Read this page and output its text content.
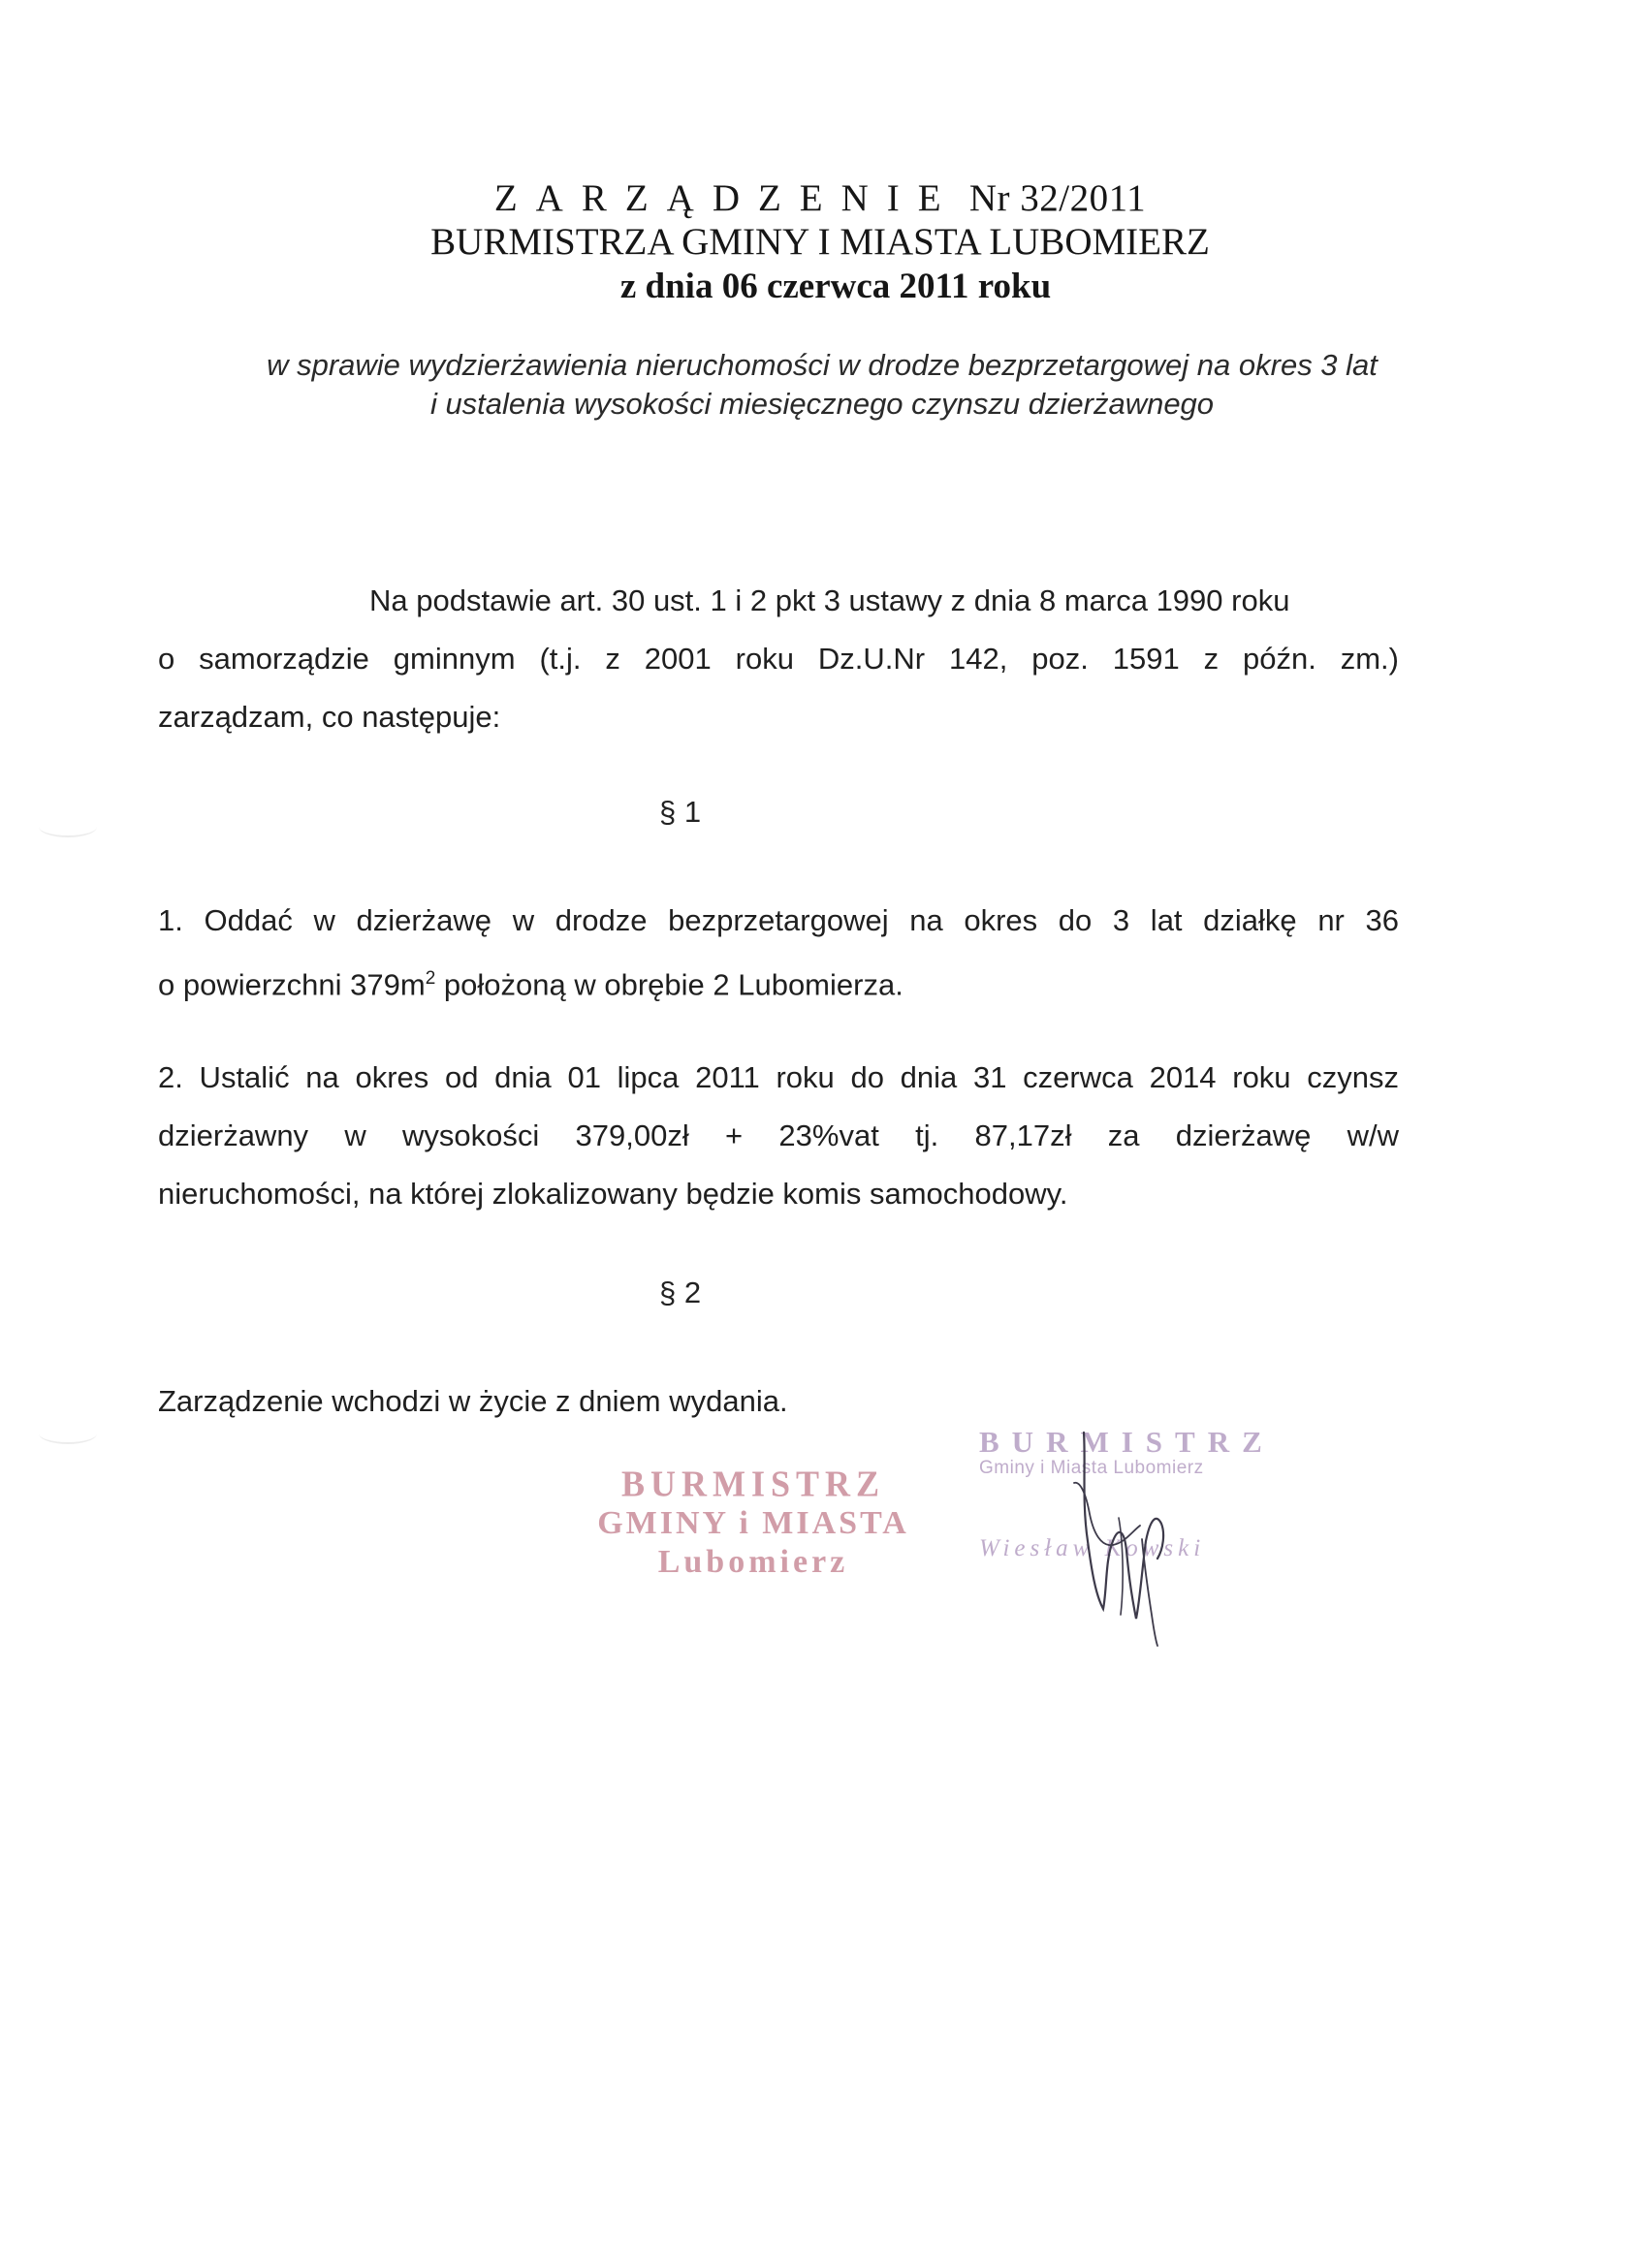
ZARZĄDZENIE Nr 32/2011
BURMISTRZA GMINY I MIASTA LUBOMIERZ
z dnia 06 czerwca 2011 roku
w sprawie wydzierżawienia nieruchomości w drodze bezprzetargowej na okres 3 lat
i ustalenia wysokości miesięcznego czynszu dzierżawnego
Na podstawie art. 30 ust. 1 i 2 pkt 3 ustawy z dnia 8 marca 1990 roku
o samorządzie gminnym (t.j. z 2001 roku Dz.U.Nr 142, poz. 1591 z późn. zm.)
zarządzam, co następuje:
§ 1
1. Oddać w dzierżawę w drodze bezprzetargowej na okres do 3 lat działkę nr 36
o powierzchni $379m^2$ położoną w obrębie 2 Lubomierza.
2. Ustalić na okres od dnia 01 lipca 2011 roku do dnia 31 czerwca 2014 roku czynsz
dzierżawny w wysokości 379,00zł + 23%vat tj. 87,17zł za dzierżawę w/w
nieruchomości, na której zlokalizowany będzie komis samochodowy.
§ 2
Zarządzenie wchodzi w życie z dniem wydania.
BURMISTRZ
GMINY i MIASTA
Lubomierz
BURMISTRZ
Gminy i Miasta Lubomierz
Wiesław Kowski
